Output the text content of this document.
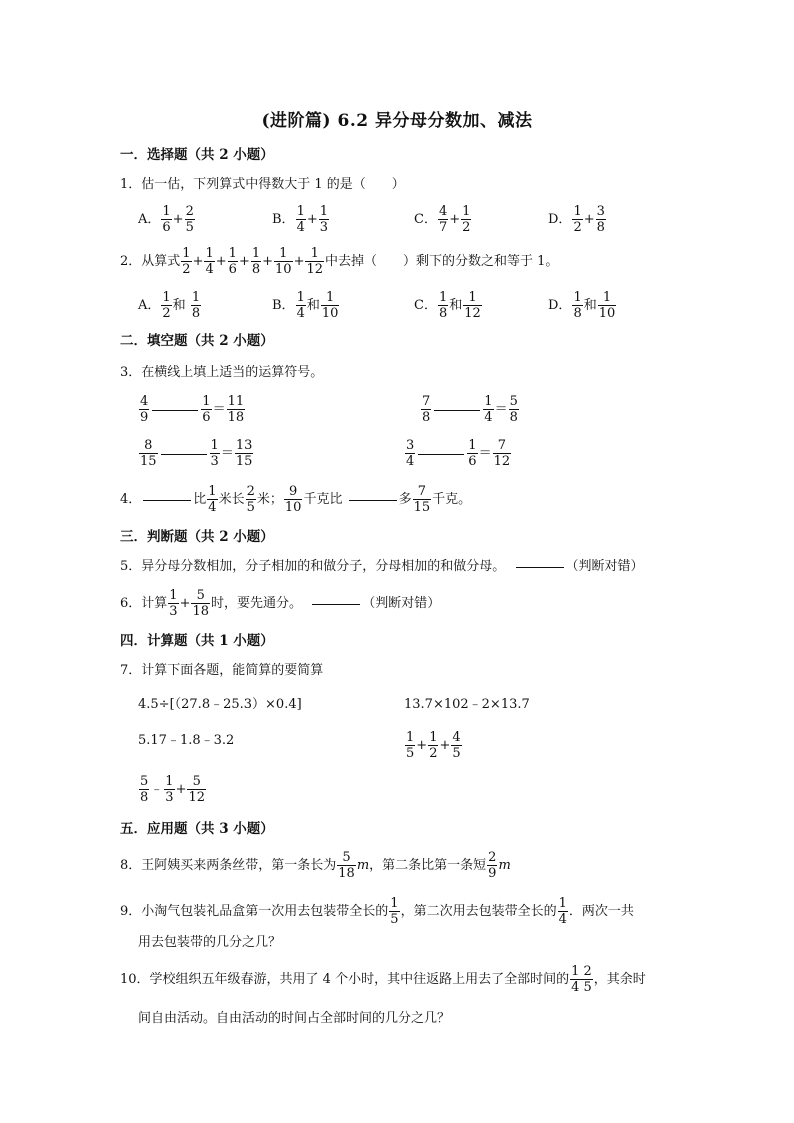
(进阶篇) 6.2 异分母分数加、减法
一．选择题（共 2 小题）
1．估一估，下列算式中得数大于 1 的是（　　）
A． $\frac{1}{6} + \frac{2}{5}$	B． $\frac{1}{4} + \frac{1}{3}$	C． $\frac{4}{7} + \frac{1}{2}$	D． $\frac{1}{2} + \frac{3}{8}$
2．从算式 $\frac{1}{2} + \frac{1}{4} + \frac{1}{6} + \frac{1}{8} + \frac{1}{10} + \frac{1}{12}$ 中去掉（　　）剩下的分数之和等于 1。
A． $\frac{1}{2}$ 和 $\frac{1}{8}$	B． $\frac{1}{4}$ 和 $\frac{1}{10}$	C． $\frac{1}{8}$ 和 $\frac{1}{12}$	D． $\frac{1}{8}$ 和 $\frac{1}{10}$
二．填空题（共 2 小题）
3．在横线上填上适当的运算符号。
$\frac{4}{9}$	$\frac{1}{6} = \frac{11}{18}$	$\frac{7}{8}$	$\frac{1}{4} = \frac{5}{8}$
$\frac{8}{15}$	$\frac{1}{3} = \frac{13}{15}$	$\frac{3}{4}$	$\frac{1}{6} = \frac{7}{12}$
4．	比 $\frac{1}{4}$ 米长 $\frac{2}{5}$ 米； $\frac{9}{10}$ 千克比	多 $\frac{7}{15}$ 千克。
三．判断题（共 2 小题）
5．异分母分数相加，分子相加的和做分子，分母相加的和做分母。	（判断对错）
6．计算 $\frac{1}{3} + \frac{5}{18}$ 时，要先通分。	（判断对错）
四．计算题（共 1 小题）
7．计算下面各题，能简算的要简算
4.5÷[（27.8﹣25.3）×0.4]	13.7×102﹣2×13.7
5.17﹣1.8﹣3.2	$\frac{1}{5} + \frac{1}{2} + \frac{4}{5}$
$\frac{5}{8}$ ﹣ $\frac{1}{3} + \frac{5}{12}$
五．应用题（共 3 小题）
8．王阿姨买来两条丝带，第一条长为 $\frac{5}{18}$ m，第二条比第一条短 $\frac{2}{9}$ m
9．小淘气包装礼品盒第一次用去包装带全长的 $\frac{1}{5}$ ，第二次用去包装带全长的 $\frac{1}{4}$ ．两次一共
用去包装带的几分之几？
10．学校组织五年级春游，共用了 4 个小时，其中往返路上用去了全部时间的 $\frac{1 2}{4 5}$ ，其余时
间自由活动。自由活动的时间占全部时间的几分之几？
